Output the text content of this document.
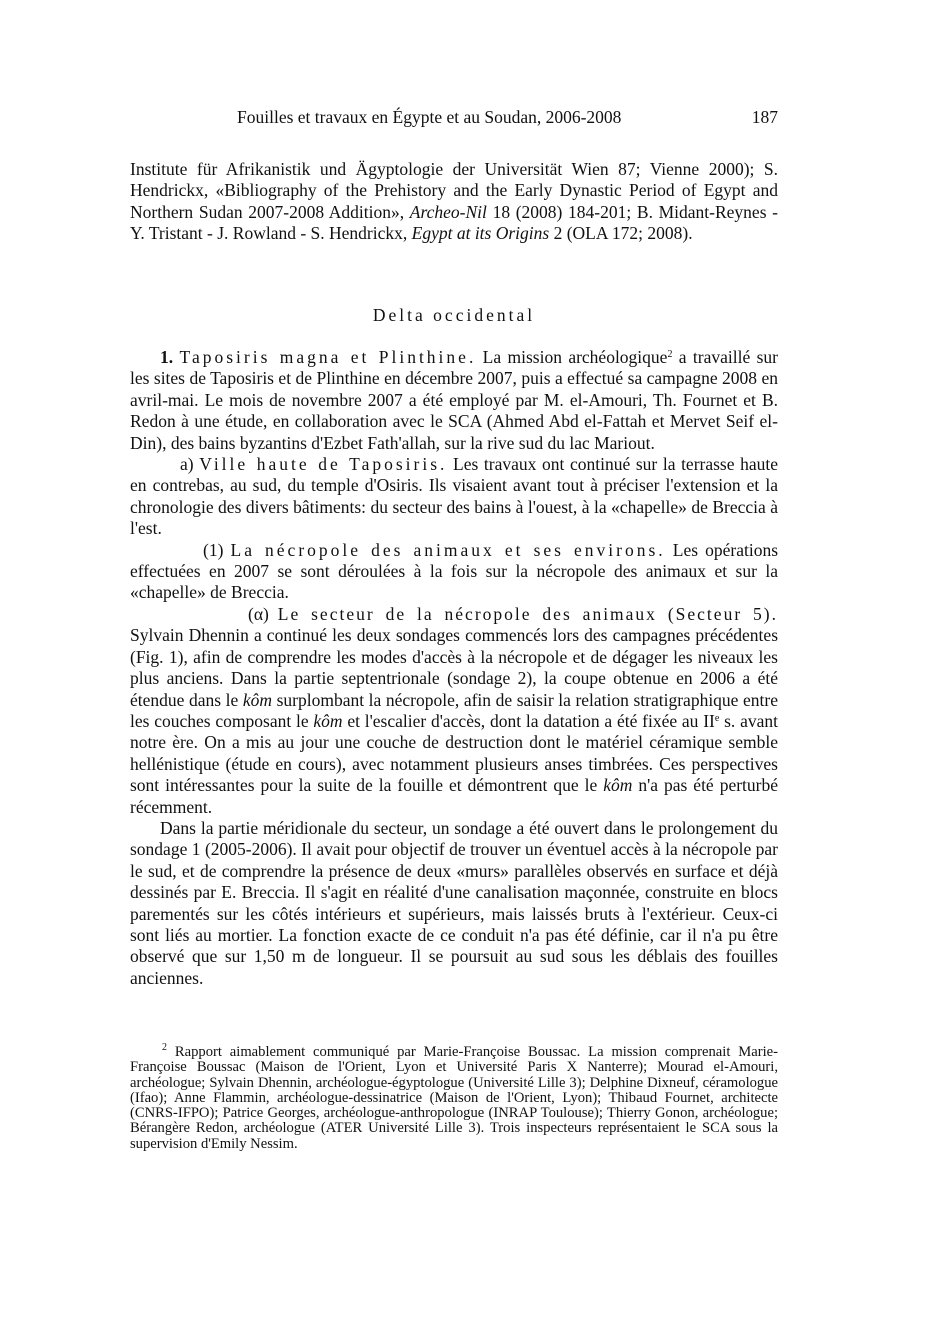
Fouilles et travaux en Égypte et au Soudan, 2006-2008	187

Institute für Afrikanistik und Ägyptologie der Universität Wien 87; Vienne 2000); S. Hendrickx, «Bibliography of the Prehistory and the Early Dynastic Period of Egypt and Northern Sudan 2007-2008 Addition», Archeo-Nil 18 (2008) 184-201; B. Midant-Reynes - Y. Tristant - J. Rowland - S. Hendrickx, Egypt at its Origins 2 (OLA 172; 2008).

Delta occidental

1. Taposiris magna et Plinthine. La mission archéologique$^2$ a travaillé sur les sites de Taposiris et de Plinthine en décembre 2007, puis a effectué sa campagne 2008 en avril-mai. Le mois de novembre 2007 a été employé par M. el-Amouri, Th. Fournet et B. Redon à une étude, en collaboration avec le SCA (Ahmed Abd el-Fattah et Mervet Seif el-Din), des bains byzantins d'Ezbet Fath'allah, sur la rive sud du lac Mariout.

a) Ville haute de Taposiris. Les travaux ont continué sur la terrasse haute en contrebas, au sud, du temple d'Osiris. Ils visaient avant tout à préciser l'extension et la chronologie des divers bâtiments: du secteur des bains à l'ouest, à la «chapelle» de Breccia à l'est.

(1) La nécropole des animaux et ses environs. Les opérations effectuées en 2007 se sont déroulées à la fois sur la nécropole des animaux et sur la «chapelle» de Breccia.

(α) Le secteur de la nécropole des animaux (Secteur 5). Sylvain Dhennin a continué les deux sondages commencés lors des campagnes précédentes (Fig. 1), afin de comprendre les modes d'accès à la nécropole et de dégager les niveaux les plus anciens. Dans la partie septentrionale (sondage 2), la coupe obtenue en 2006 a été étendue dans le kôm surplombant la nécropole, afin de saisir la relation stratigraphique entre les couches composant le kôm et l'escalier d'accès, dont la datation a été fixée au IIe s. avant notre ère. On a mis au jour une couche de destruction dont le matériel céramique semble hellénistique (étude en cours), avec notamment plusieurs anses timbrées. Ces perspectives sont intéressantes pour la suite de la fouille et démontrent que le kôm n'a pas été perturbé récemment.

Dans la partie méridionale du secteur, un sondage a été ouvert dans le prolongement du sondage 1 (2005-2006). Il avait pour objectif de trouver un éventuel accès à la nécropole par le sud, et de comprendre la présence de deux «murs» parallèles observés en surface et déjà dessinés par E. Breccia. Il s'agit en réalité d'une canalisation maçonnée, construite en blocs parementés sur les côtés intérieurs et supérieurs, mais laissés bruts à l'extérieur. Ceux-ci sont liés au mortier. La fonction exacte de ce conduit n'a pas été définie, car il n'a pu être observé que sur 1,50 m de longueur. Il se poursuit au sud sous les déblais des fouilles anciennes.

$^2$ Rapport aimablement communiqué par Marie-Françoise Boussac. La mission comprenait Marie-Françoise Boussac (Maison de l'Orient, Lyon et Université Paris X Nanterre); Mourad el-Amouri, archéologue; Sylvain Dhennin, archéologue-égyptologue (Université Lille 3); Delphine Dixneuf, céramologue (Ifao); Anne Flammin, archéologue-dessinatrice (Maison de l'Orient, Lyon); Thibaud Fournet, architecte (CNRS-IFPO); Patrice Georges, archéologue-anthropologue (INRAP Toulouse); Thierry Gonon, archéologue; Bérangère Redon, archéologue (ATER Université Lille 3). Trois inspecteurs représentaient le SCA sous la supervision d'Emily Nessim.
